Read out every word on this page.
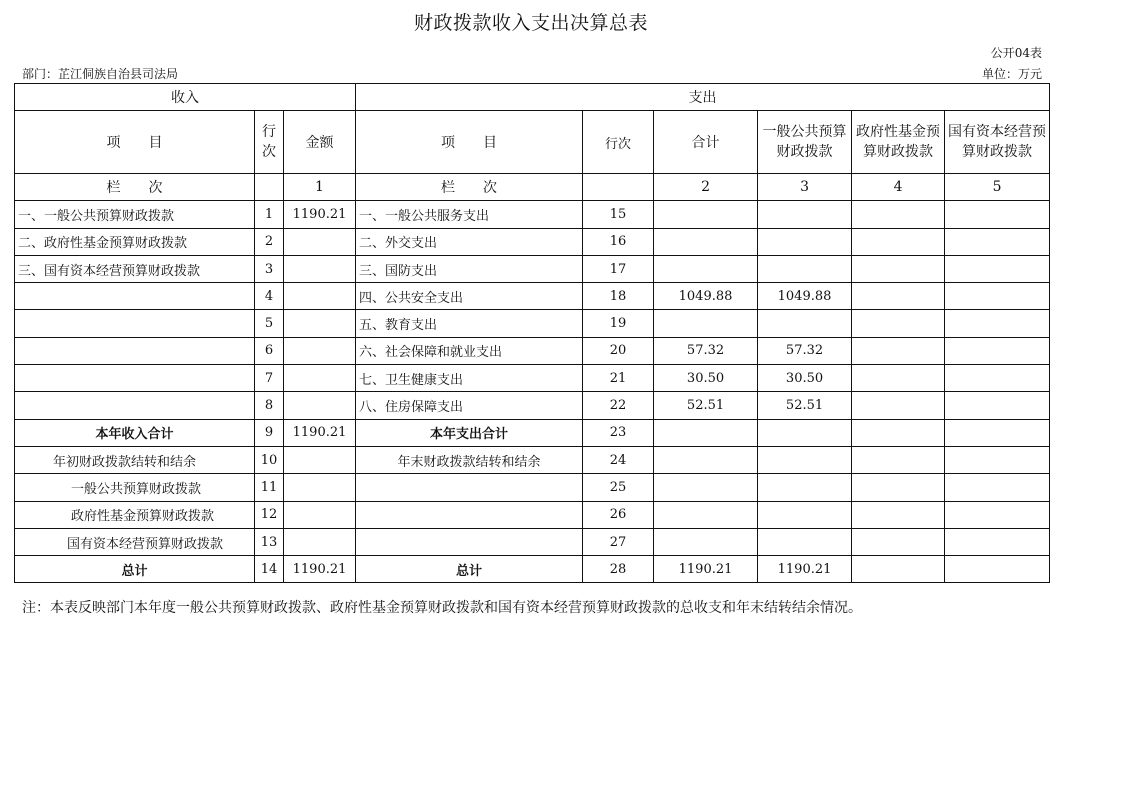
财政拨款收入支出决算总表
公开04表
部门：芷江侗族自治县司法局	单位：万元
收入			支出					
项　　目	行次	金额	项　　目	行次	合计	一般公共预算财政拨款	政府性基金预算财政拨款	国有资本经营预算财政拨款
栏　　次		1	栏　　次		2	3	4	5
一、一般公共预算财政拨款	1	1190.21	一、一般公共服务支出	15				
二、政府性基金预算财政拨款	2		二、外交支出	16				
三、国有资本经营预算财政拨款	3		三、国防支出	17				
	4		四、公共安全支出	18	1049.88	1049.88		
	5		五、教育支出	19				
	6		六、社会保障和就业支出	20	57.32	57.32		
	7		七、卫生健康支出	21	30.50	30.50		
	8		八、住房保障支出	22	52.51	52.51		
本年收入合计	9	1190.21	本年支出合计	23				
年初财政拨款结转和结余	10		年末财政拨款结转和结余	24				
一般公共预算财政拨款	11			25				
政府性基金预算财政拨款	12			26				
国有资本经营预算财政拨款	13			27				
总计	14	1190.21	总计	28	1190.21	1190.21		
注：本表反映部门本年度一般公共预算财政拨款、政府性基金预算财政拨款和国有资本经营预算财政拨款的总收支和年末结转结余情况。
